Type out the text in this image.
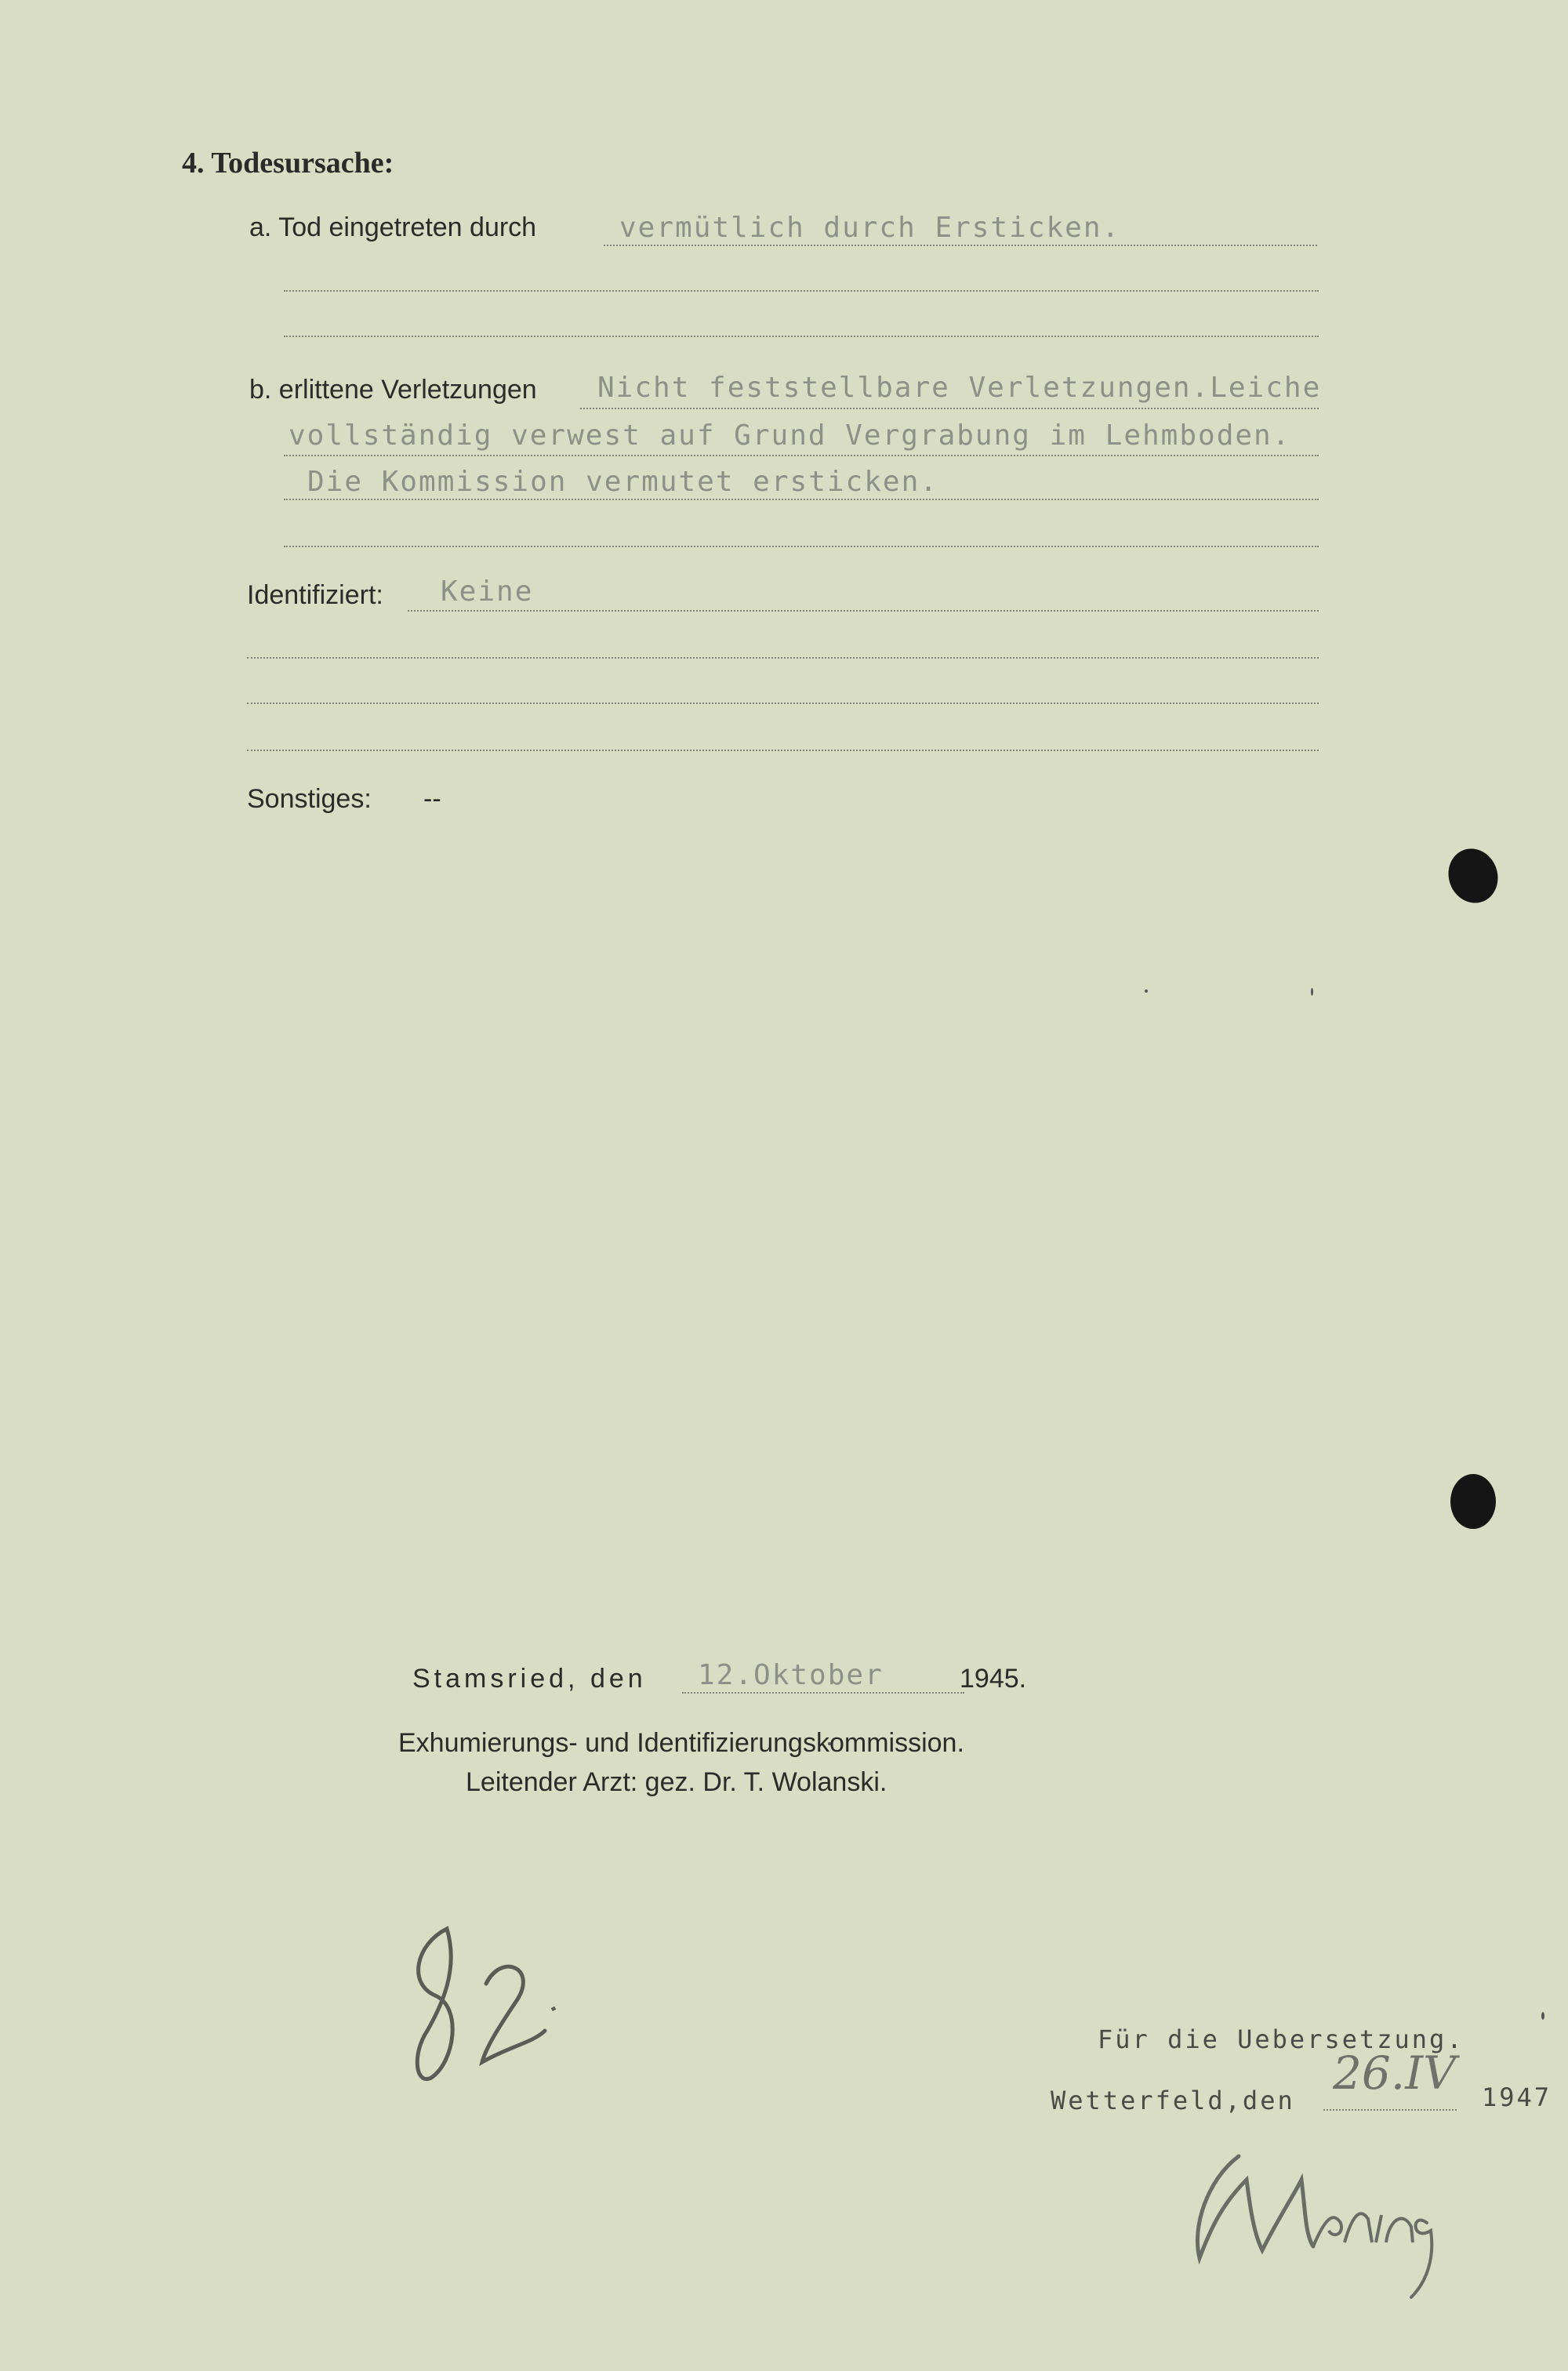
4. Todesursache:
a. Tod eingetreten durch	vermütlich durch Ersticken.
b. erlittene Verletzungen Nicht feststellbare Verletzungen.Leiche
vollständig verwest auf Grund Vergrabung im Lehmboden.
Die Kommission vermutet ersticken.
Identifiziert: Keine
Sonstiges: --
Stamsried, den 12.Oktober	1945.
Exhumierungs- und Identifizierungskommission.
Leitender Arzt: gez. Dr. T. Wolanski.
82.
Für die Uebersetzung.
Wetterfeld,den
26.IV 1947
Werling
